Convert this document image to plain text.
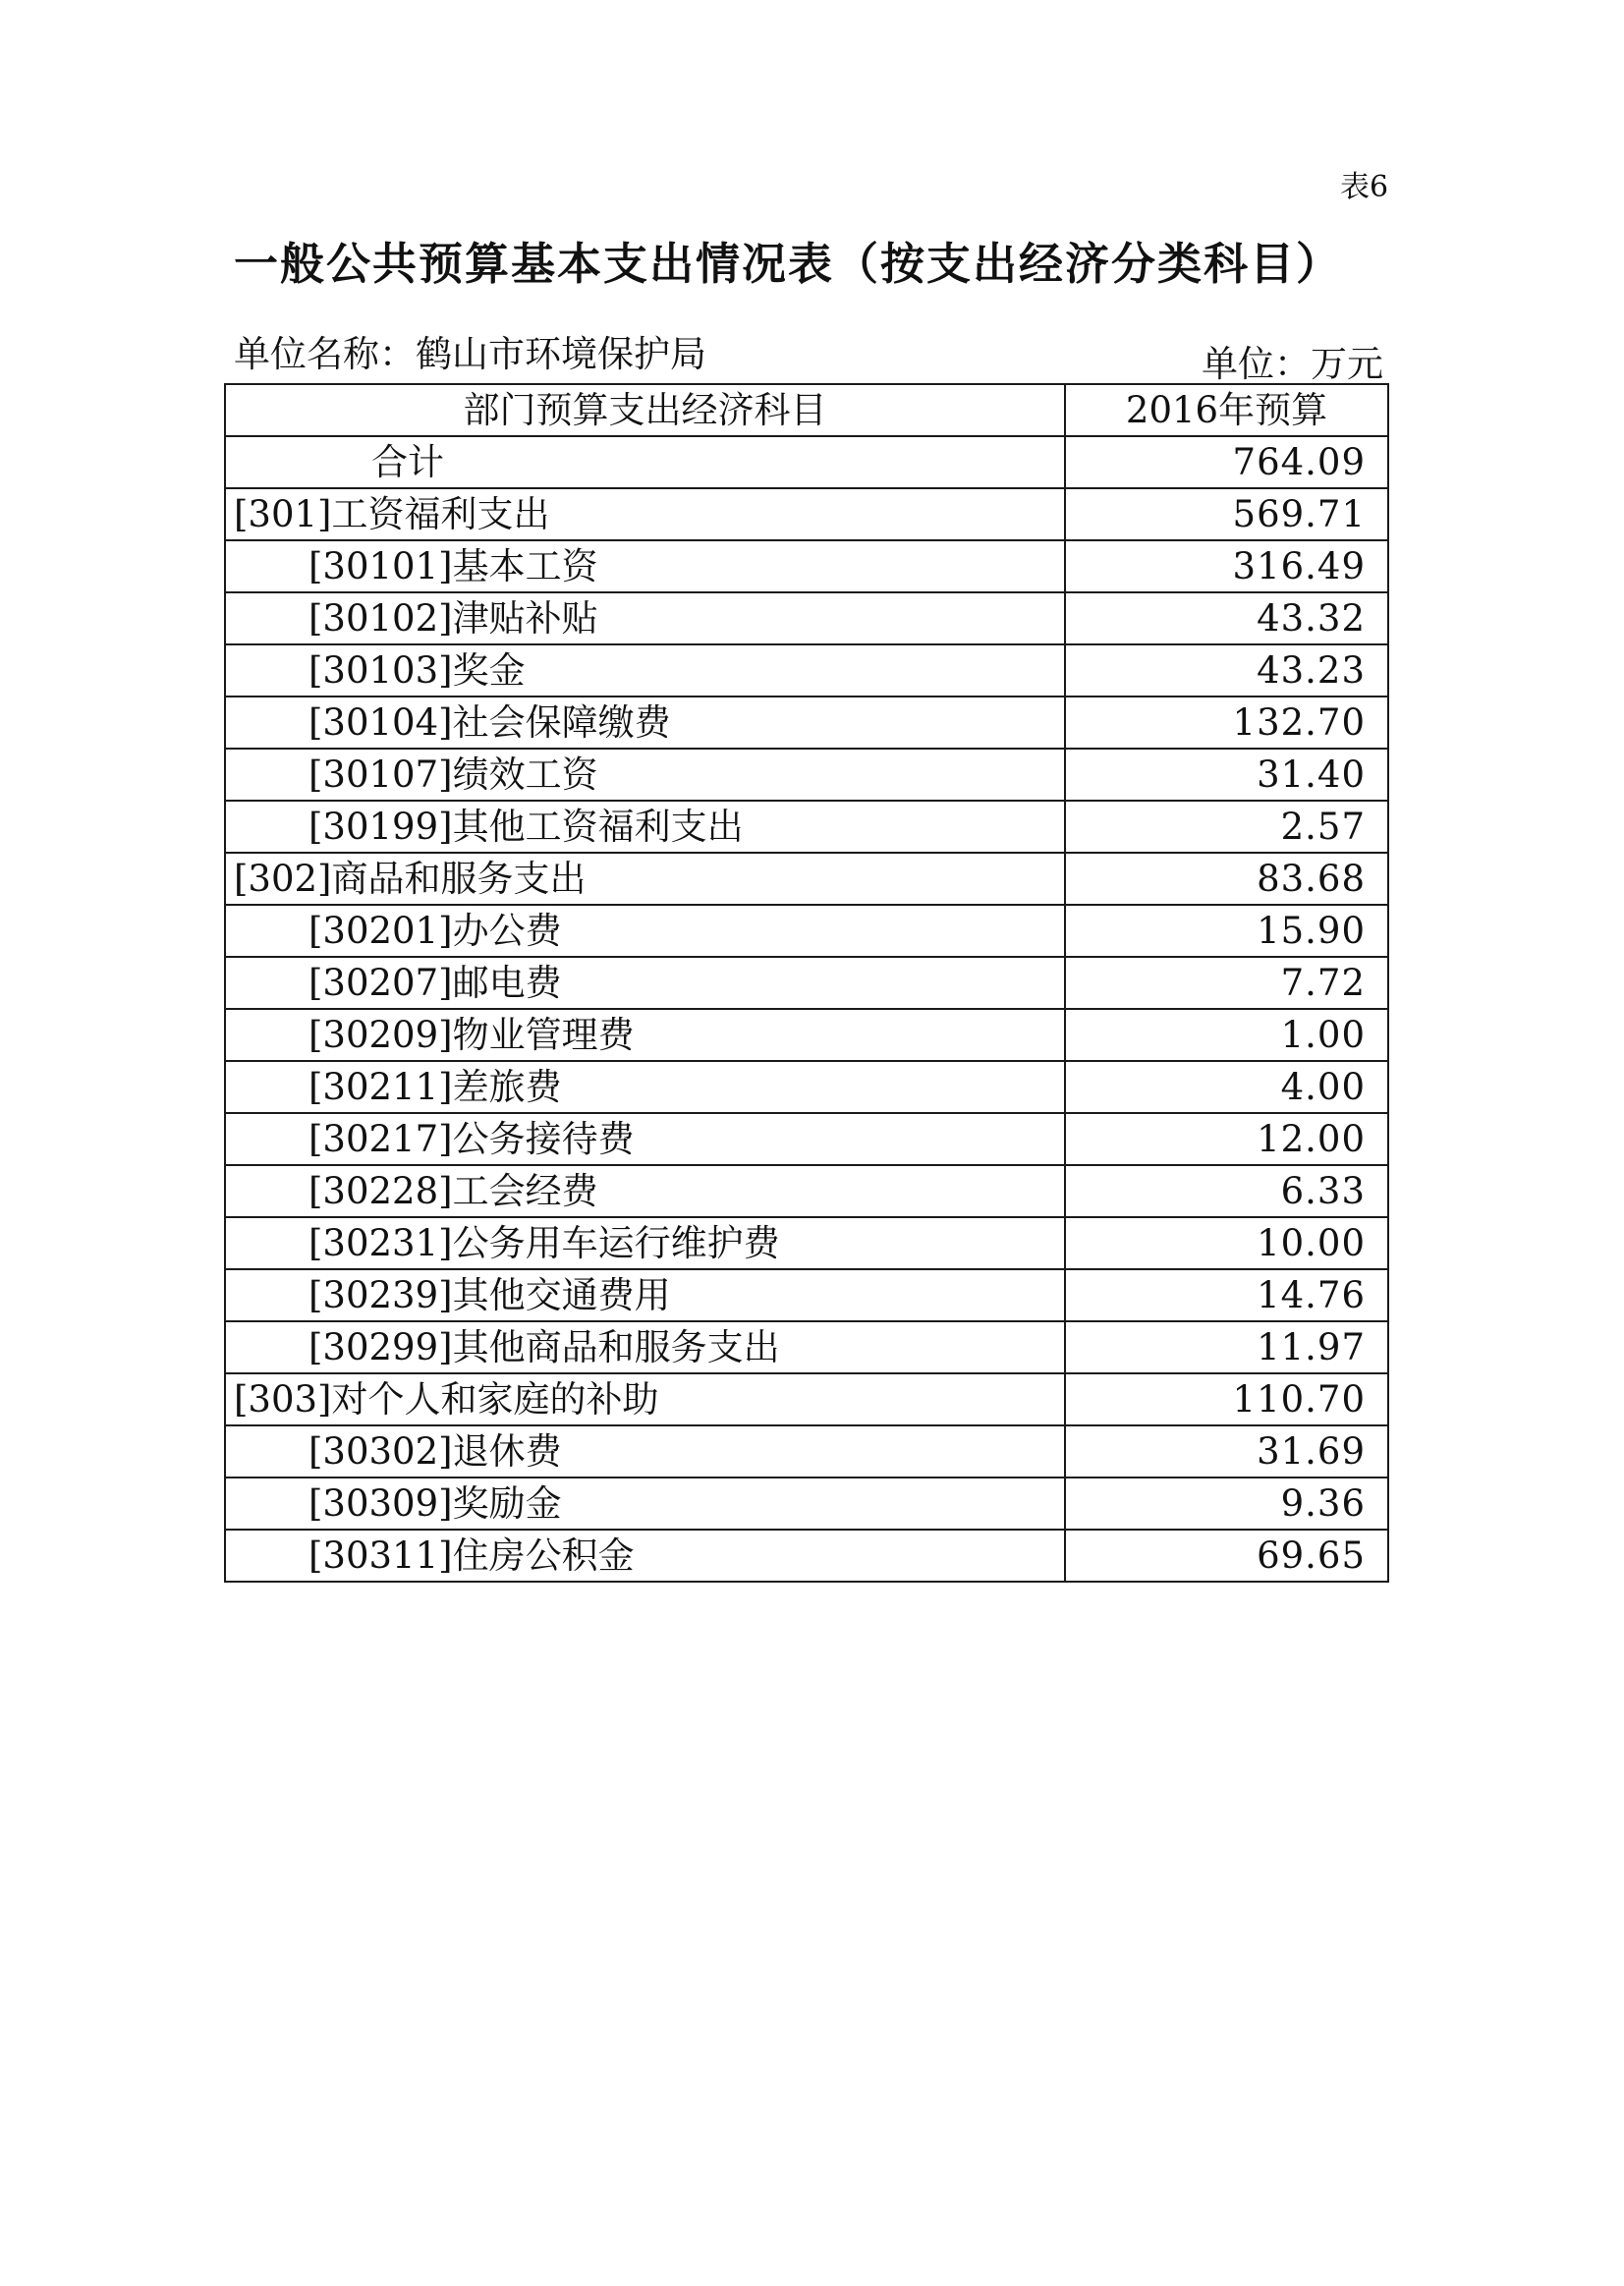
表6
一般公共预算基本支出情况表（按支出经济分类科目）
单位名称：鹤山市环境保护局	单位：万元
部门预算支出经济科目	2016年预算
合计	764.09
[301]工资福利支出	569.71
[30101]基本工资	316.49
[30102]津贴补贴	43.32
[30103]奖金	43.23
[30104]社会保障缴费	132.70
[30107]绩效工资	31.40
[30199]其他工资福利支出	2.57
[302]商品和服务支出	83.68
[30201]办公费	15.90
[30207]邮电费	7.72
[30209]物业管理费	1.00
[30211]差旅费	4.00
[30217]公务接待费	12.00
[30228]工会经费	6.33
[30231]公务用车运行维护费	10.00
[30239]其他交通费用	14.76
[30299]其他商品和服务支出	11.97
[303]对个人和家庭的补助	110.70
[30302]退休费	31.69
[30309]奖励金	9.36
[30311]住房公积金	69.65
